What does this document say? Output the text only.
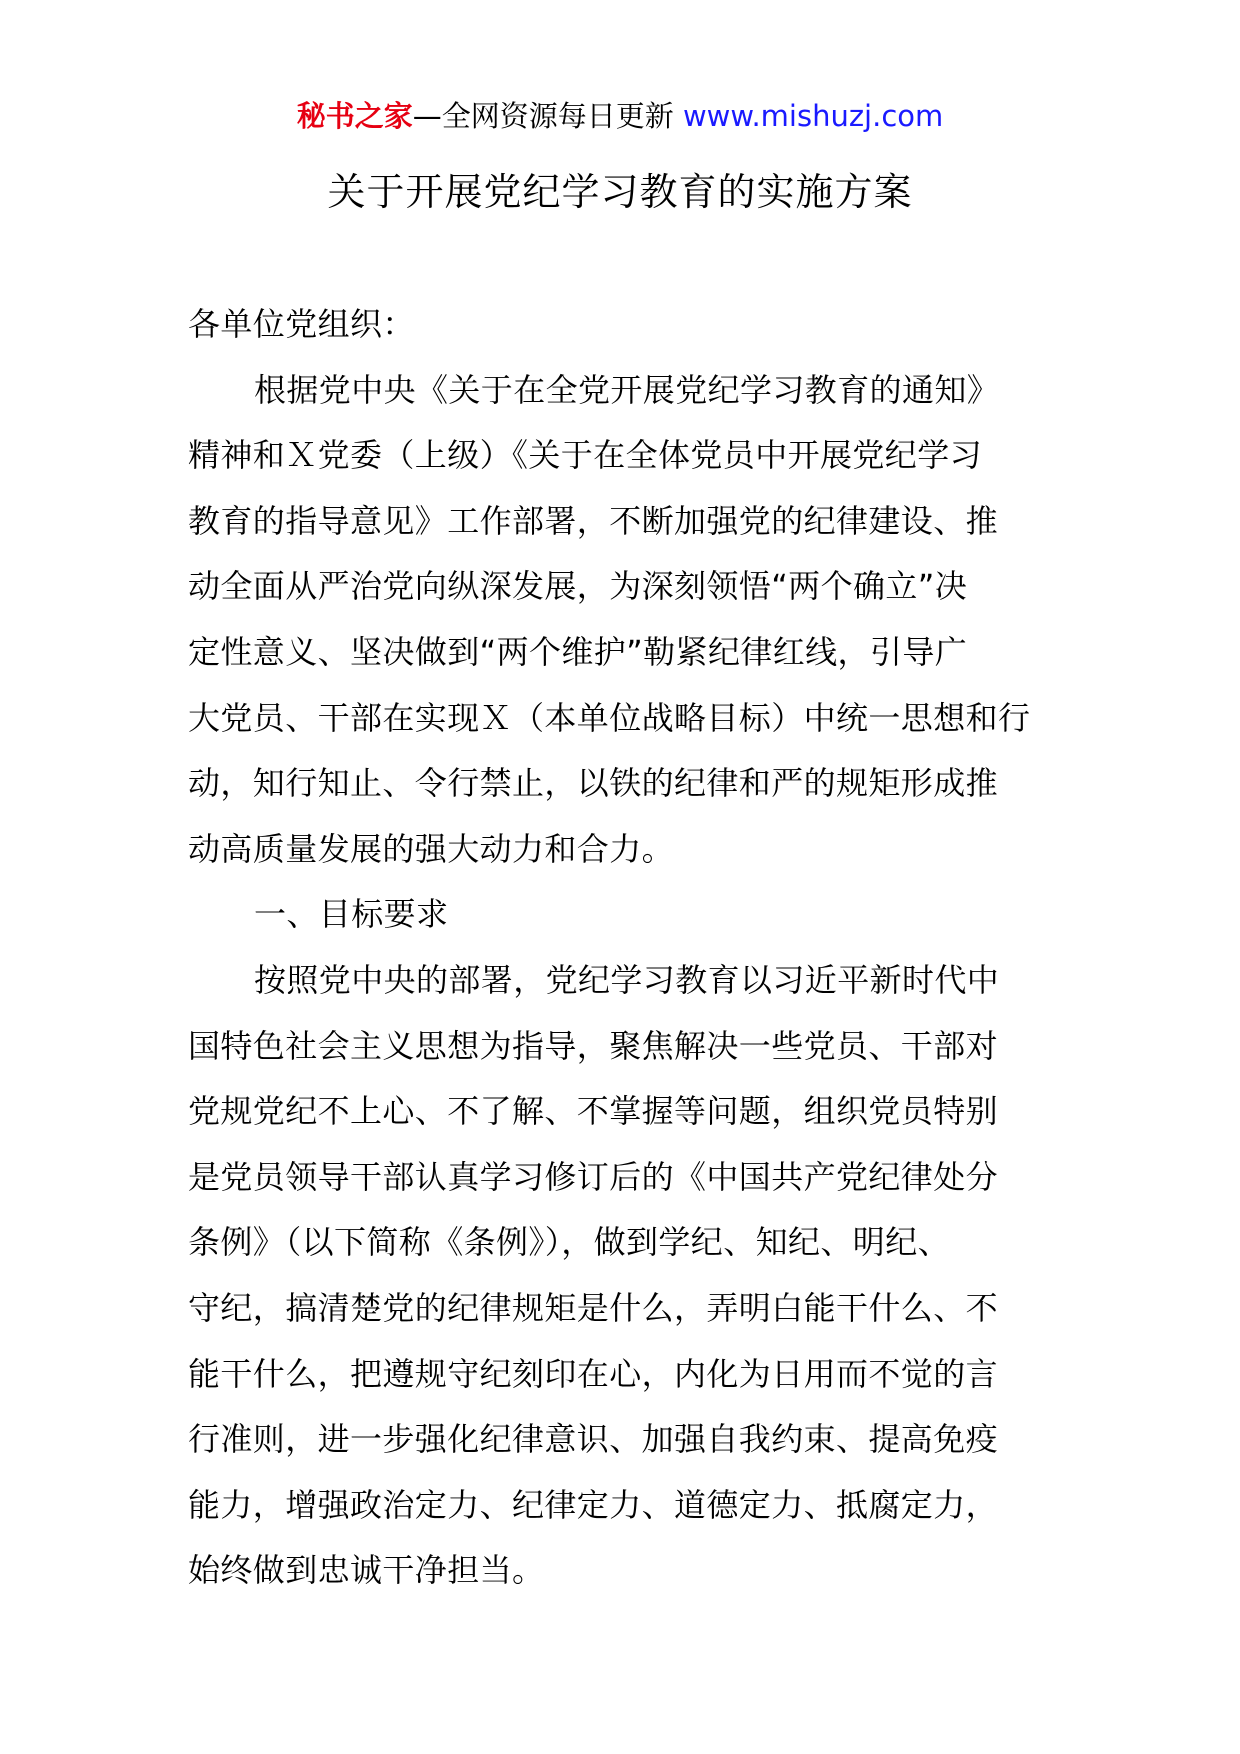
秘书之家—全网资源每日更新 www.mishuzj.com
关于开展党纪学习教育的实施方案
各单位党组织：
根据党中央《关于在全党开展党纪学习教育的通知》
精神和Ｘ党委（上级）《关于在全体党员中开展党纪学习
教育的指导意见》工作部署，不断加强党的纪律建设、推
动全面从严治党向纵深发展，为深刻领悟“两个确立”决
定性意义、坚决做到“两个维护”勒紧纪律红线，引导广
大党员、干部在实现Ｘ（本单位战略目标）中统一思想和行
动，知行知止、令行禁止，以铁的纪律和严的规矩形成推
动高质量发展的强大动力和合力。
一、目标要求
按照党中央的部署，党纪学习教育以习近平新时代中
国特色社会主义思想为指导，聚焦解决一些党员、干部对
党规党纪不上心、不了解、不掌握等问题，组织党员特别
是党员领导干部认真学习修订后的《中国共产党纪律处分
条例》（以下简称《条例》），做到学纪、知纪、明纪、
守纪，搞清楚党的纪律规矩是什么，弄明白能干什么、不
能干什么，把遵规守纪刻印在心，内化为日用而不觉的言
行准则，进一步强化纪律意识、加强自我约束、提高免疫
能力，增强政治定力、纪律定力、道德定力、抵腐定力，
始终做到忠诚干净担当。
